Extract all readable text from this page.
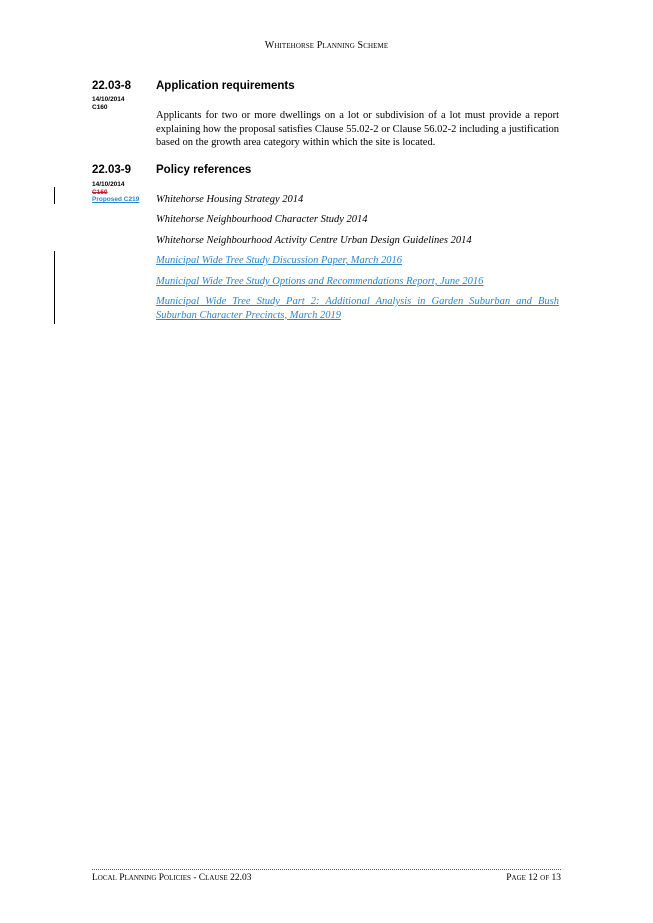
Whitehorse Planning Scheme
22.03-8 Application requirements
14/10/2014
C160
Applicants for two or more dwellings on a lot or subdivision of a lot must provide a report explaining how the proposal satisfies Clause 55.02-2 or Clause 56.02-2 including a justification based on the growth area category within which the site is located.
22.03-9 Policy references
14/10/2014
C160
Proposed C219 Whitehorse Housing Strategy 2014
Whitehorse Neighbourhood Character Study 2014
Whitehorse Neighbourhood Activity Centre Urban Design Guidelines 2014
Municipal Wide Tree Study Discussion Paper, March 2016
Municipal Wide Tree Study Options and Recommendations Report, June 2016
Municipal Wide Tree Study Part 2: Additional Analysis in Garden Suburban and Bush Suburban Character Precincts, March 2019
Local Planning Policies - Clause 22.03	Page 12 of 13
